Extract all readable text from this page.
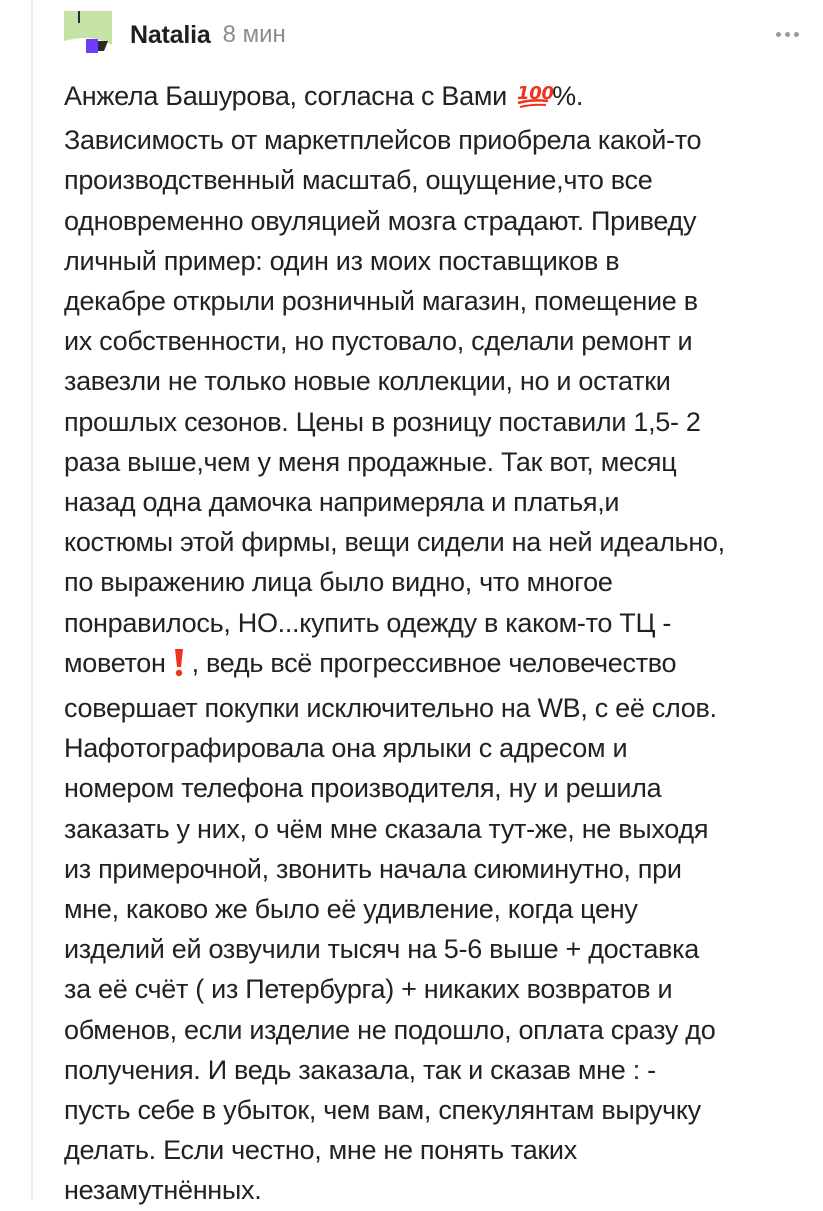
Natalia 8 мин
Анжела Башурова, согласна с Вами 100
%.
Зависимость от маркетплейсов приобрела какой-то
производственный масштаб, ощущение,что все
одновременно овуляцией мозга страдают. Приведу
личный пример: один из моих поставщиков в
декабре открыли розничный магазин, помещение в
их собственности, но пустовало, сделали ремонт и
завезли не только новые коллекции, но и остатки
прошлых сезонов. Цены в розницу поставили 1,5- 2
раза выше,чем у меня продажные. Так вот, месяц
назад одна дамочка напримеряла и платья,и
костюмы этой фирмы, вещи сидели на ней идеально,
по выражению лица было видно, что многое
понравилось, НО...купить одежду в каком-то ТЦ -
моветон , ведь всё прогрессивное человечество
совершает покупки исключительно на WB, с её слов.
Нафотографировала она ярлыки с адресом и
номером телефона производителя, ну и решила
заказать у них, о чём мне сказала тут-же, не выходя
из примерочной, звонить начала сиюминутно, при
мне, каково же было её удивление, когда цену
изделий ей озвучили тысяч на 5-6 выше + доставка
за её счёт ( из Петербурга) + никаких возвратов и
обменов, если изделие не подошло, оплата сразу до
получения. И ведь заказала, так и сказав мне : -
пусть себе в убыток, чем вам, спекулянтам выручку
делать. Если честно, мне не понять таких
незамутнённых.
